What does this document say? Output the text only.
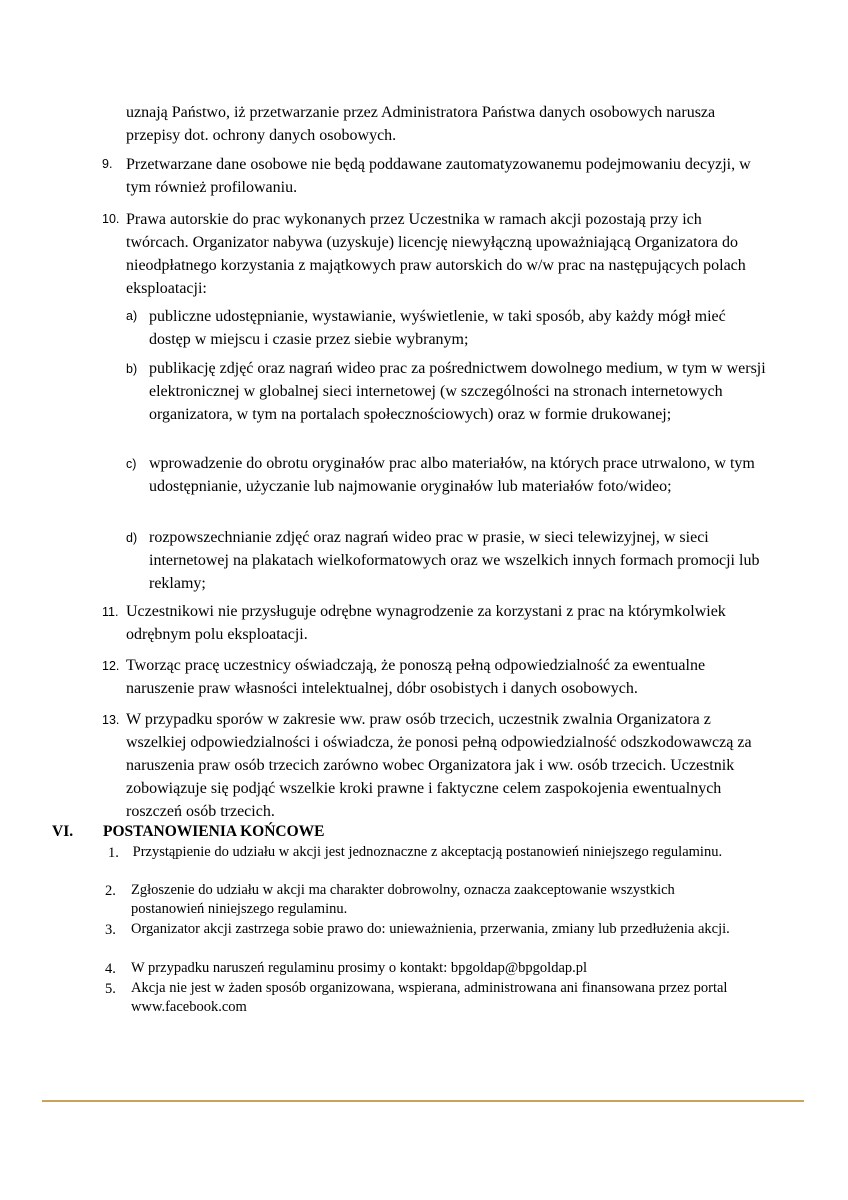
uznają Państwo, iż przetwarzanie przez Administratora Państwa danych osobowych narusza przepisy dot. ochrony danych osobowych.
9. Przetwarzane dane osobowe nie będą poddawane zautomatyzowanemu podejmowaniu decyzji, w tym również profilowaniu.
10. Prawa autorskie do prac wykonanych przez Uczestnika w ramach akcji pozostają przy ich twórcach. Organizator nabywa (uzyskuje) licencję niewyłączną upoważniającą Organizatora do nieodpłatnego korzystania z majątkowych praw autorskich do w/w prac na następujących polach eksploatacji:
a) publiczne udostępnianie, wystawianie, wyświetlenie, w taki sposób, aby każdy mógł mieć dostęp w miejscu i czasie przez siebie wybranym;
b) publikację zdjęć oraz nagrań wideo prac za pośrednictwem dowolnego medium, w tym w wersji elektronicznej w globalnej sieci internetowej (w szczególności na stronach internetowych organizatora, w tym na portalach społecznościowych) oraz w formie drukowanej;
c) wprowadzenie do obrotu oryginałów prac albo materiałów, na których prace utrwalono, w tym udostępnianie, użyczanie lub najmowanie oryginałów lub materiałów foto/wideo;
d) rozpowszechnianie zdjęć oraz nagrań wideo prac w prasie, w sieci telewizyjnej, w sieci internetowej na plakatach wielkoformatowych oraz we wszelkich innych formach promocji lub reklamy;
11. Uczestnikowi nie przysługuje odrębne wynagrodzenie za korzystani z prac na którymkolwiek odrębnym polu eksploatacji.
12. Tworząc pracę uczestnicy oświadczają, że ponoszą pełną odpowiedzialność za ewentualne naruszenie praw własności intelektualnej, dóbr osobistych i danych osobowych.
13. W przypadku sporów w zakresie ww. praw osób trzecich, uczestnik zwalnia Organizatora z wszelkiej odpowiedzialności i oświadcza, że ponosi pełną odpowiedzialność odszkodowawczą za naruszenia praw osób trzecich zarówno wobec Organizatora jak i ww. osób trzecich. Uczestnik zobowiązuje się podjąć wszelkie kroki prawne i faktyczne celem zaspokojenia ewentualnych roszczeń osób trzecich.
VI. POSTANOWIENIA KOŃCOWE
1. Przystąpienie do udziału w akcji jest jednoznaczne z akceptacją postanowień niniejszego regulaminu.
2. Zgłoszenie do udziału w akcji ma charakter dobrowolny, oznacza zaakceptowanie wszystkich postanowień niniejszego regulaminu.
3. Organizator akcji zastrzega sobie prawo do: unieważnienia, przerwania, zmiany lub przedłużenia akcji.
4. W przypadku naruszeń regulaminu prosimy o kontakt: bpgoldap@bpgoldap.pl
5. Akcja nie jest w żaden sposób organizowana, wspierana, administrowana ani finansowana przez portal www.facebook.com
